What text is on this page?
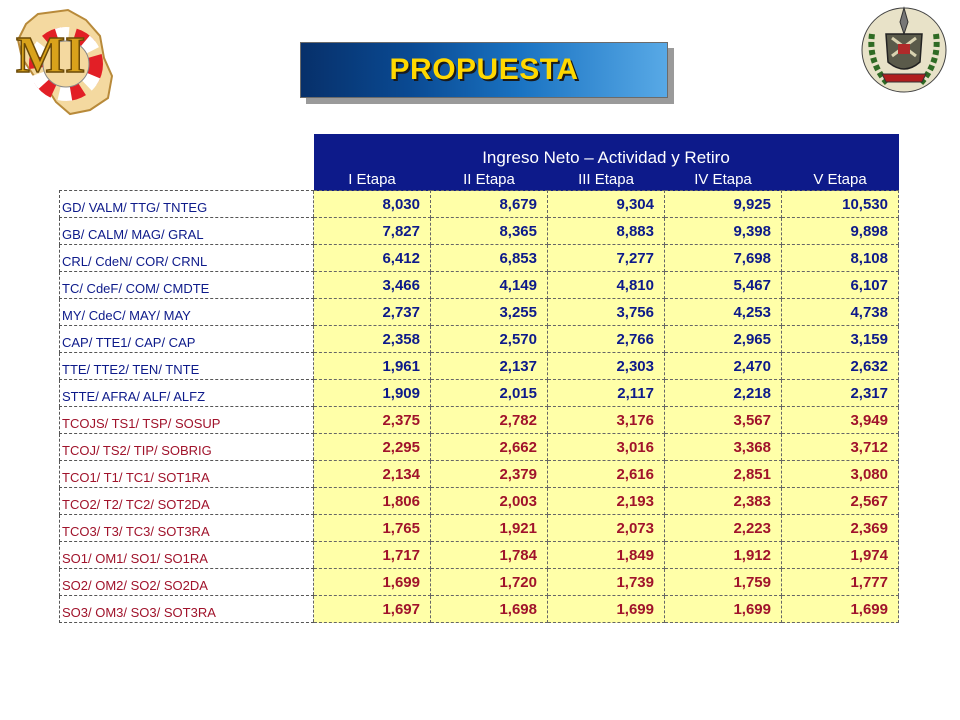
MI	PROPUESTA
	Ingreso Neto – Actividad y Retiro				
	I Etapa	II Etapa	III Etapa	IV Etapa	V Etapa
GD/ VALM/ TTG/ TNTEG	8,030	8,679	9,304	9,925	10,530
GB/ CALM/ MAG/ GRAL	7,827	8,365	8,883	9,398	9,898
CRL/ CdeN/ COR/ CRNL	6,412	6,853	7,277	7,698	8,108
TC/ CdeF/ COM/ CMDTE	3,466	4,149	4,810	5,467	6,107
MY/ CdeC/ MAY/ MAY	2,737	3,255	3,756	4,253	4,738
CAP/ TTE1/ CAP/ CAP	2,358	2,570	2,766	2,965	3,159
TTE/ TTE2/ TEN/ TNTE	1,961	2,137	2,303	2,470	2,632
STTE/ AFRA/ ALF/ ALFZ	1,909	2,015	2,117	2,218	2,317
TCOJS/ TS1/ TSP/ SOSUP	2,375	2,782	3,176	3,567	3,949
TCOJ/ TS2/ TIP/ SOBRIG	2,295	2,662	3,016	3,368	3,712
TCO1/ T1/ TC1/ SOT1RA	2,134	2,379	2,616	2,851	3,080
TCO2/ T2/ TC2/ SOT2DA	1,806	2,003	2,193	2,383	2,567
TCO3/ T3/ TC3/ SOT3RA	1,765	1,921	2,073	2,223	2,369
SO1/ OM1/ SO1/ SO1RA	1,717	1,784	1,849	1,912	1,974
SO2/ OM2/ SO2/ SO2DA	1,699	1,720	1,739	1,759	1,777
SO3/ OM3/ SO3/ SOT3RA	1,697	1,698	1,699	1,699	1,699
